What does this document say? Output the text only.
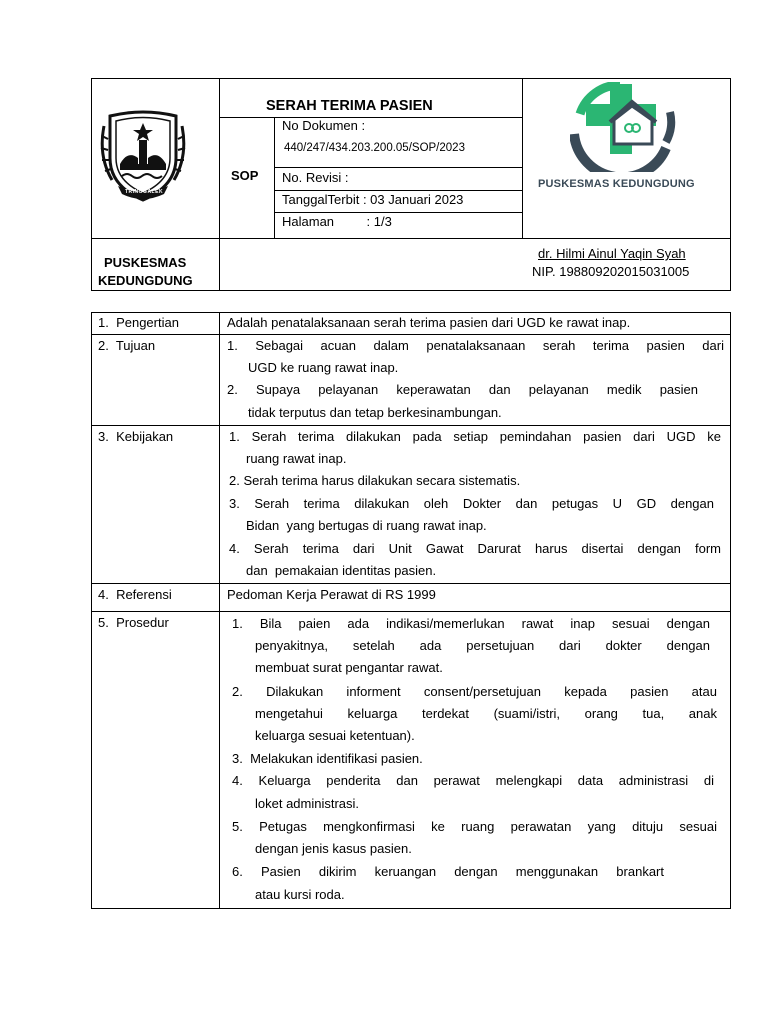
TRINGGALEK
SERAH TERIMA PASIEN
SOP
No Dokumen :
440/247/434.203.200.05/SOP/2023
No. Revisi :
TanggalTerbit : 03 Januari 2023
Halaman         : 1/3
PUSKESMAS KEDUNGDUNG
PUSKESMAS
KEDUNGDUNG
dr. Hilmi Ainul Yaqin Syah
NIP. 198809202015031005
1.  Pengertian	Adalah penatalaksanaan serah terima pasien dari UGD ke rawat inap.
2.  Tujuan	1. Sebagai acuan dalam penatalaksanaan serah terima pasien dari
UGD ke ruang rawat inap.
2. Supaya pelayanan keperawatan dan pelayanan medik pasien
tidak terputus dan tetap berkesinambungan.
3.  Kebijakan	1. Serah terima dilakukan pada setiap pemindahan pasien dari UGD ke
ruang rawat inap.
2. Serah terima harus dilakukan secara sistematis.
3. Serah terima dilakukan oleh Dokter dan petugas U GD dengan
Bidan  yang bertugas di ruang rawat inap.
4. Serah terima dari Unit Gawat Darurat harus disertai dengan form
dan  pemakaian identitas pasien.
4.  Referensi	Pedoman Kerja Perawat di RS 1999
5.  Prosedur	1. Bila paien ada indikasi/memerlukan rawat inap sesuai dengan
penyakitnya, setelah ada persetujuan dari dokter dengan
membuat surat pengantar rawat.
2. Dilakukan informent consent/persetujuan kepada pasien atau
mengetahui keluarga terdekat (suami/istri, orang tua, anak
keluarga sesuai ketentuan).
3.  Melakukan identifikasi pasien.
4. Keluarga penderita dan perawat melengkapi data administrasi di
loket administrasi.
5. Petugas mengkonfirmasi ke ruang perawatan yang dituju sesuai
dengan jenis kasus pasien.
6. Pasien dikirim keruangan dengan menggunakan brankart
atau kursi roda.
